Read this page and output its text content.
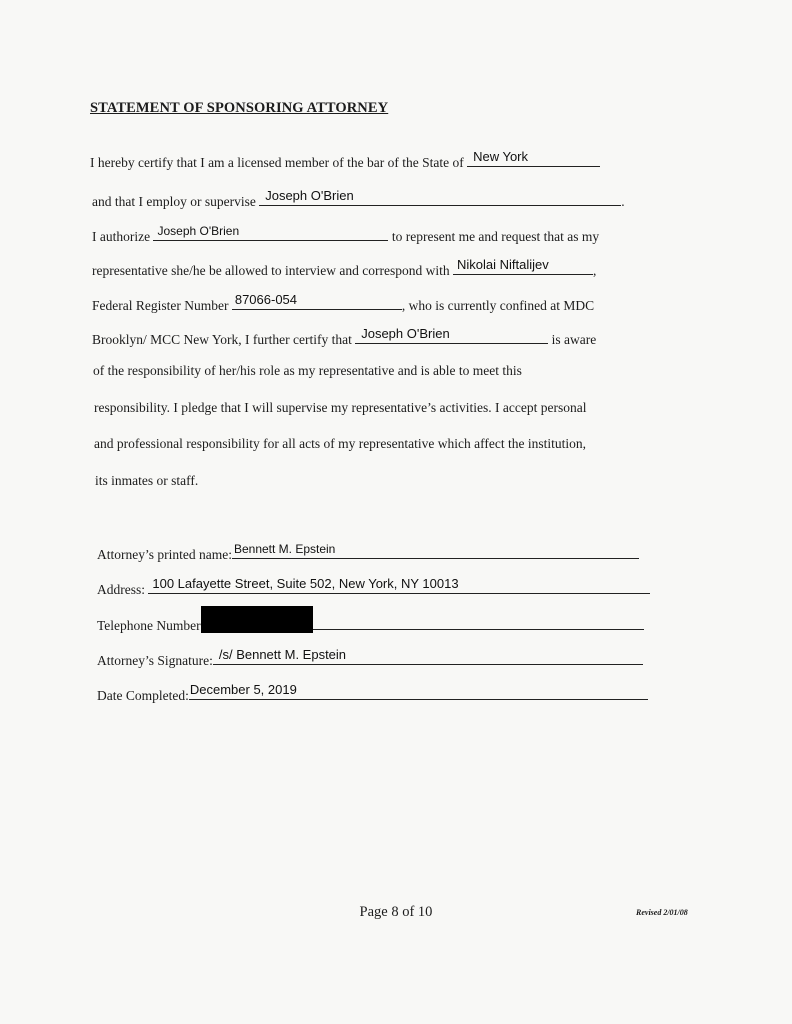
STATEMENT OF SPONSORING ATTORNEY
I hereby certify that I am a licensed member of the bar of the State of New York
and that I employ or supervise Joseph O'Brien	.
I authorize Joseph O'Brien	to represent me and request that as my
representative she/he be allowed to interview and correspond with Nikolai Niftalijev	,
Federal Register Number 87066-054	, who is currently confined at MDC
Brooklyn/ MCC New York, I further certify that Joseph O'Brien	is aware
of the responsibility of her/his role as my representative and is able to meet this
responsibility. I pledge that I will supervise my representative’s activities. I accept personal
and professional responsibility for all acts of my representative which affect the institution,
its inmates or staff.
Attorney’s printed name: Bennett M. Epstein
Address: 100 Lafayette Street, Suite 502, New York, NY 10013
Telephone Number
Attorney’s Signature: /s/ Bennett M. Epstein
Date Completed: December 5, 2019
Page 8 of 10	Revised 2/01/08
